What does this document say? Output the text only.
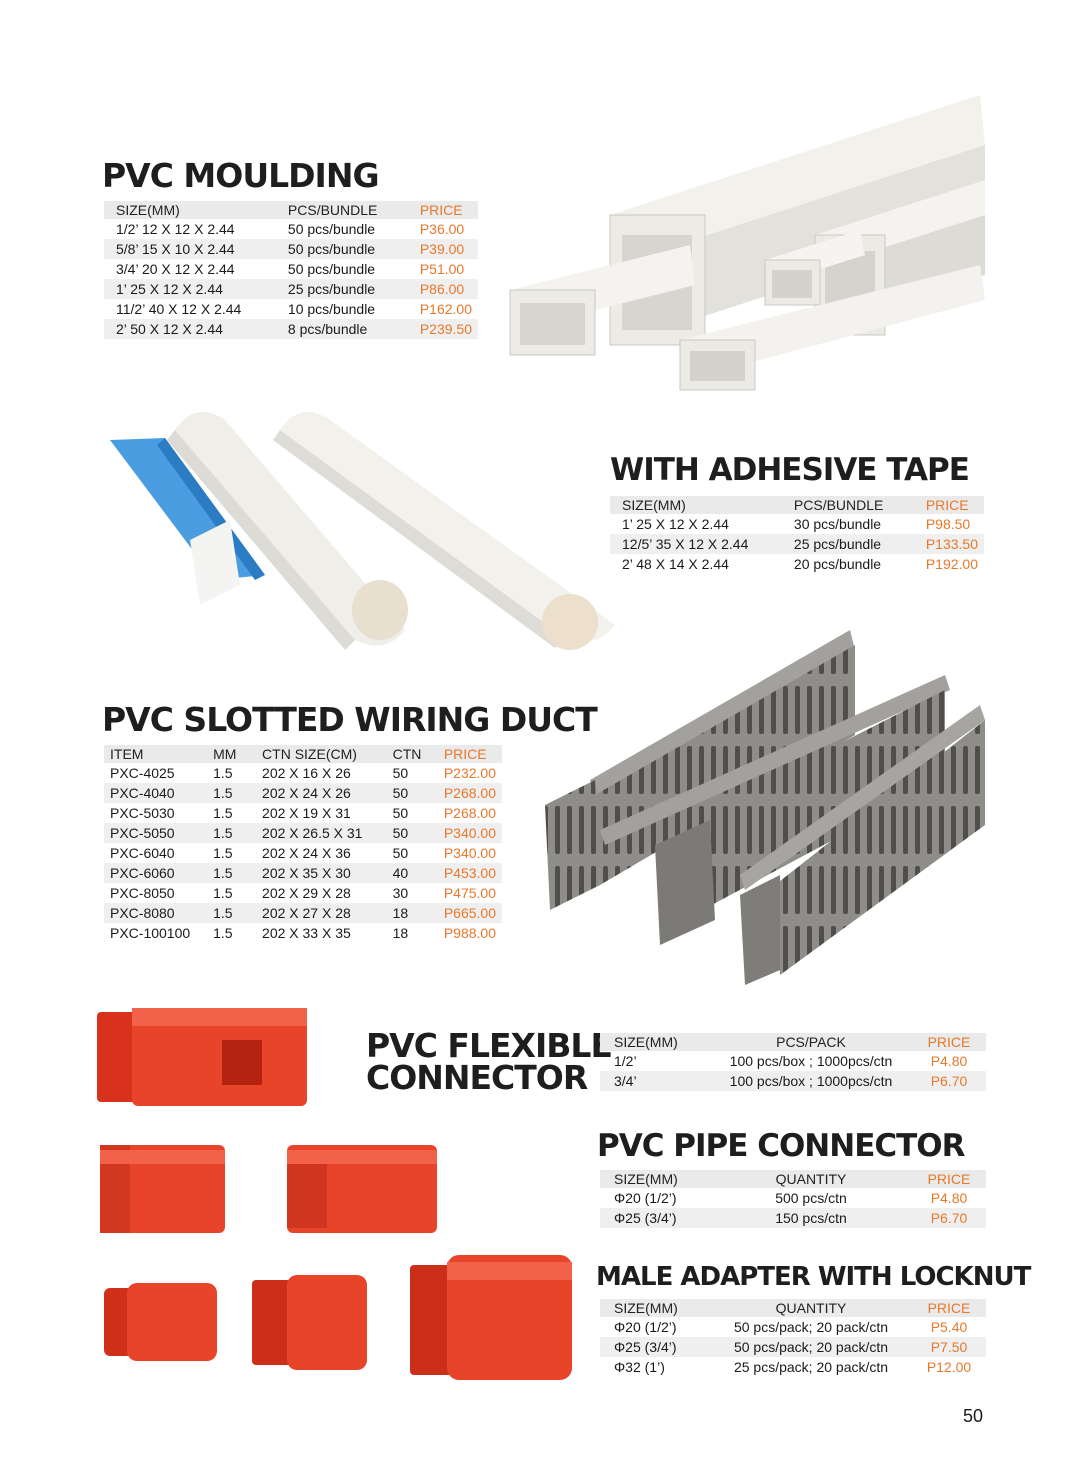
PVC MOULDING
SIZE(MM)	PCS/BUNDLE	PRICE
1/2’ 12 X 12 X 2.44	50 pcs/bundle	P36.00
5/8’ 15 X 10 X 2.44	50 pcs/bundle	P39.00
3/4’ 20 X 12 X 2.44	50 pcs/bundle	P51.00
1’ 25 X 12 X 2.44	25 pcs/bundle	P86.00
11/2’ 40 X 12 X 2.44	10 pcs/bundle	P162.00
2’ 50 X 12 X 2.44	8 pcs/bundle	P239.50
WITH ADHESIVE TAPE
SIZE(MM)	PCS/BUNDLE	PRICE
1’ 25 X 12 X 2.44	30 pcs/bundle	P98.50
12/5’ 35 X 12 X 2.44	25 pcs/bundle	P133.50
2’ 48 X 14 X 2.44	20 pcs/bundle	P192.00
PVC SLOTTED WIRING DUCT
ITEM	MM	CTN SIZE(CM)	CTN	PRICE
PXC-4025	1.5	202 X 16 X 26	50	P232.00
PXC-4040	1.5	202 X 24 X 26	50	P268.00
PXC-5030	1.5	202 X 19 X 31	50	P268.00
PXC-5050	1.5	202 X 26.5 X 31	50	P340.00
PXC-6040	1.5	202 X 24 X 36	50	P340.00
PXC-6060	1.5	202 X 35 X 30	40	P453.00
PXC-8050	1.5	202 X 29 X 28	30	P475.00
PXC-8080	1.5	202 X 27 X 28	18	P665.00
PXC-100100	1.5	202 X 33 X 35	18	P988.00
PVC FLEXIBLE
CONNECTOR
SIZE(MM)	PCS/PACK	PRICE
1/2’	100 pcs/box ; 1000pcs/ctn	P4.80
3/4’	100 pcs/box ; 1000pcs/ctn	P6.70
PVC PIPE CONNECTOR
SIZE(MM)	QUANTITY	PRICE
Φ20 (1/2’)	500 pcs/ctn	P4.80
Φ25 (3/4’)	150 pcs/ctn	P6.70
MALE ADAPTER WITH LOCKNUT
SIZE(MM)	QUANTITY	PRICE
Φ20 (1/2’)	50 pcs/pack; 20 pack/ctn	P5.40
Φ25 (3/4’)	50 pcs/pack; 20 pack/ctn	P7.50
Φ32 (1’)	25 pcs/pack; 20 pack/ctn	P12.00
50
